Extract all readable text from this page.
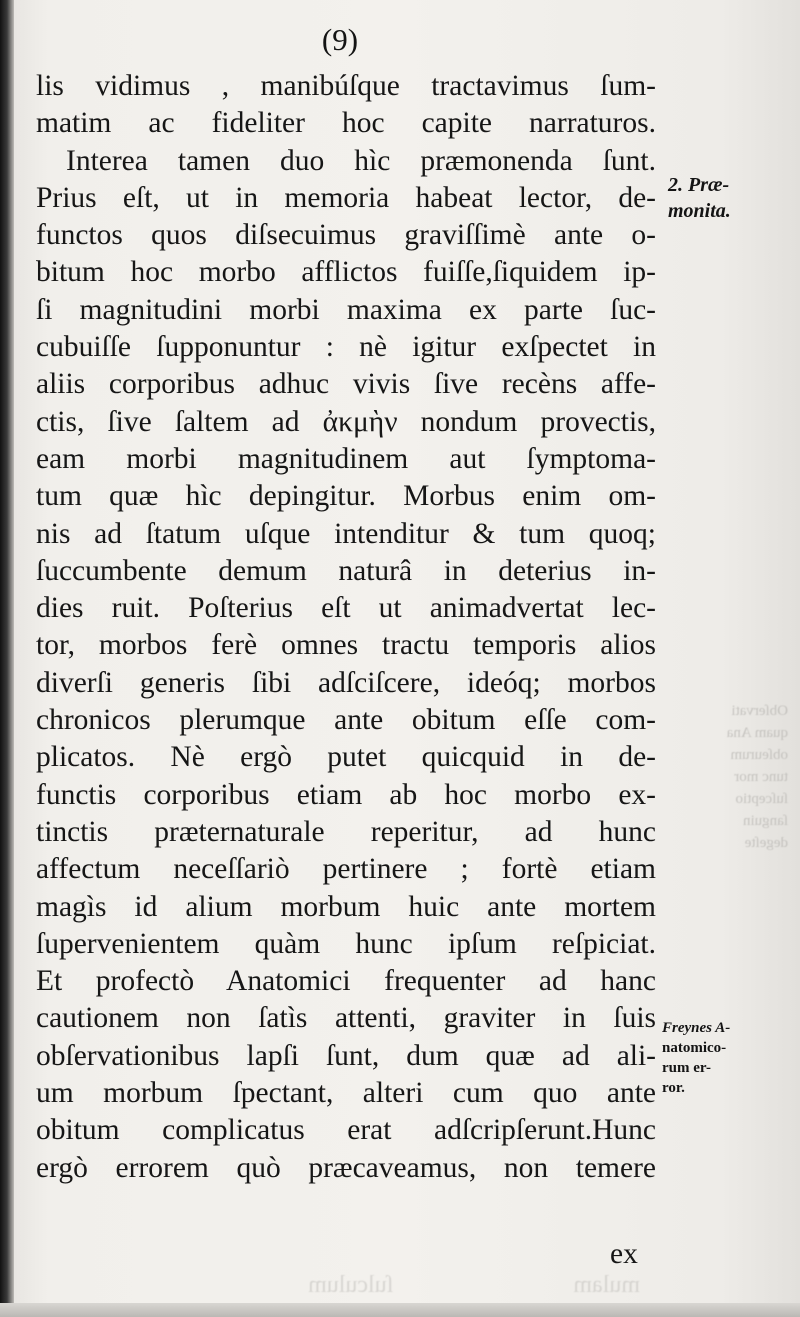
Obſervati
quam Ana
obſeurum
tunc mor
ſuſceptio
ſanguin
degeſte
mulam                              ſulculum
(9)
lis vidimus , manibúſque tractavimus ſum-
matim ac fideliter hoc capite narraturos.
Interea tamen duo hìc præmonenda ſunt.
Prius eſt, ut in memoria habeat lector, de-
functos quos diſsecuimus graviſſimè ante o-
bitum hoc morbo afflictos fuiſſe,ſiquidem ip-
ſi magnitudini morbi maxima ex parte ſuc-
cubuiſſe ſupponuntur : nè igitur exſpectet in
aliis corporibus adhuc vivis ſive recèns affe-
ctis, ſive ſaltem ad ἀκμὴν nondum provectis,
eam morbi magnitudinem aut ſymptoma-
tum quæ hìc depingitur. Morbus enim om-
nis ad ſtatum uſque intenditur & tum quoq;
ſuccumbente demum naturâ in deterius in-
dies ruit. Poſterius eſt ut animadvertat lec-
tor, morbos ferè omnes tractu temporis alios
diverſi generis ſibi adſciſcere, ideóq; morbos
chronicos plerumque ante obitum eſſe com-
plicatos. Nè ergò putet quicquid in de-
functis corporibus etiam ab hoc morbo ex-
tinctis præternaturale reperitur, ad hunc
affectum neceſſariò pertinere ; fortè etiam
magìs id alium morbum huic ante mortem
ſupervenientem quàm hunc ipſum reſpiciat.
Et profectò Anatomici frequenter ad hanc
cautionem non ſatìs attenti, graviter in ſuis
obſervationibus lapſi ſunt, dum quæ ad ali-
um morbum ſpectant, alteri cum quo ante
obitum complicatus erat adſcripſerunt.Hunc
ergò errorem quò præcaveamus, non temere
2. Præ-
monita.
Freynes A-
natomico-
rum er-
ror.
ex
